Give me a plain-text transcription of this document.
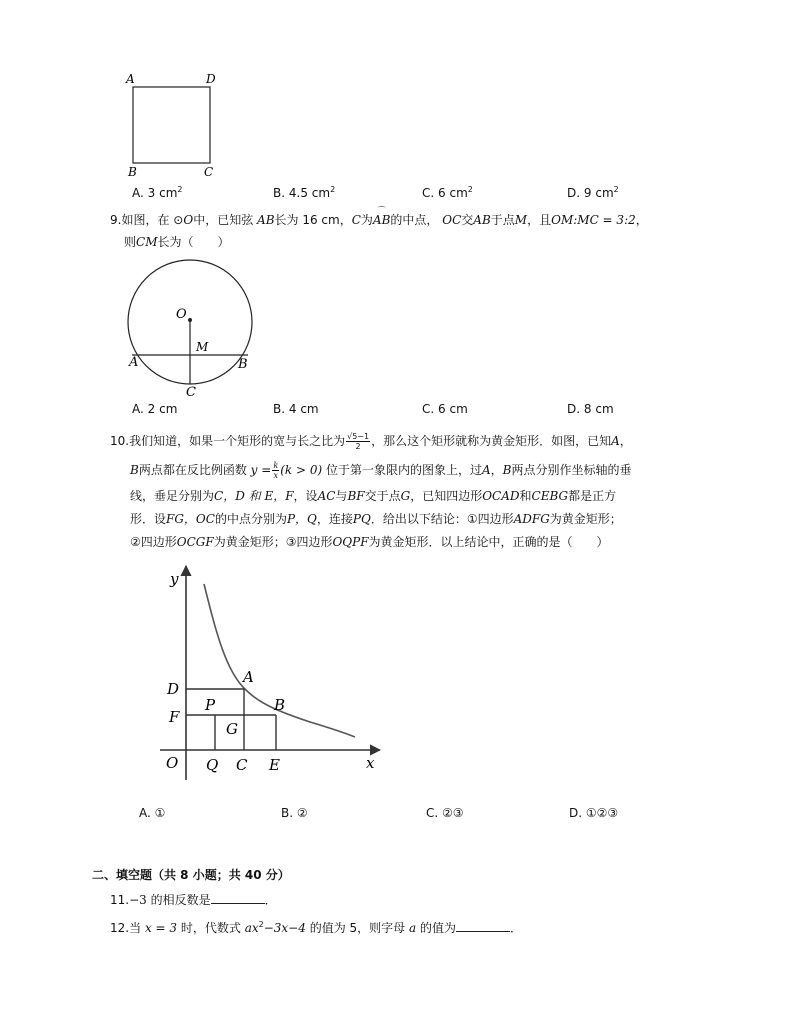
A	D
B	C
A. 3 $cm^2$	B. 4.5 $cm^2$	C. 6 $cm^2$	D. 9 $cm^2$
9.如图，在 ⊙O中，已知弦 AB长为 16 cm，C为
⌒
AB的中点， OC交AB于点M，且OM:MC = 3:2，
则CM长为（　　）
O
M
A	B
C
A. 2 cm	B. 4 cm	C. 6 cm	D. 8 cm
10.我们知道，如果一个矩形的宽与长之比为 $\frac{√5-1}{2}$ ，那么这个矩形就称为黄金矩形．如图，已知A，
B两点都在反比例函数 $y = \frac{k}{x} (k > 0)$ 位于第一象限内的图象上，过A，B两点分别作坐标轴的垂
线，垂足分别为C，D 和 E，F，设AC与BF交于点G，已知四边形OCAD和CEBG都是正方
形．设FG，OC的中点分别为P，Q，连接PQ．给出以下结论：①四边形ADFG为黄金矩形；
②四边形OCGF为黄金矩形；③四边形OQPF为黄金矩形．以上结论中，正确的是（　　）
y
x
O
D
F
P
G
A
B
Q C E
A. ①	B. ②	C. ②③	D. ①②③
二、填空题（共 8 小题；共 40 分）
11.−3 的相反数是	．
12.当 x = 3 时，代数式 $ax^2-3x-4$ 的值为 5，则字母 a 的值为	．
